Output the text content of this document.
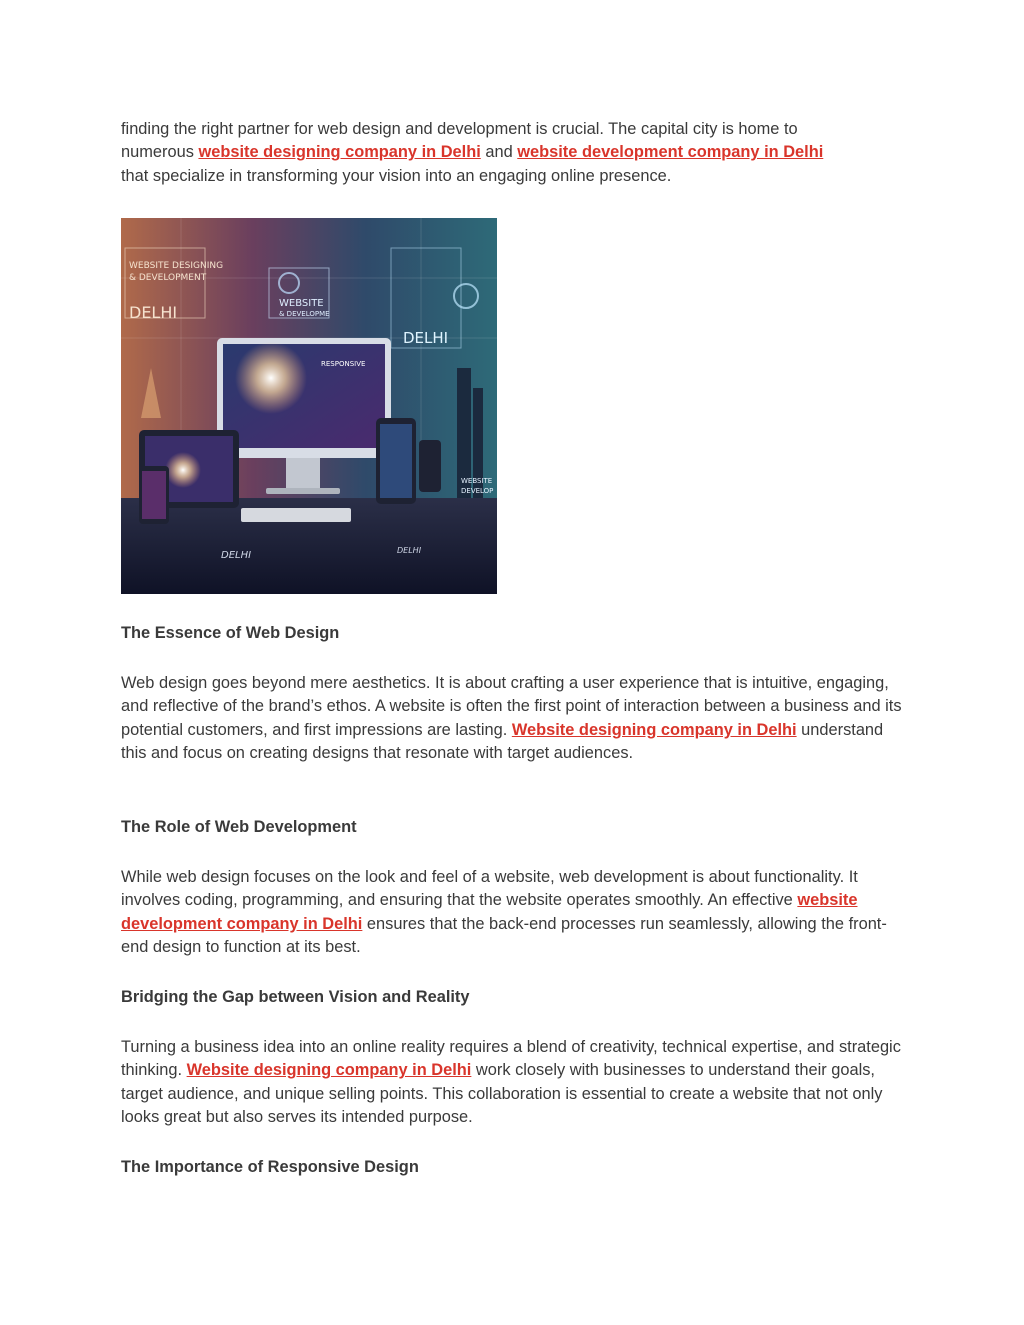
finding the right partner for web design and development is crucial. The capital city is home to
numerous website designing company in Delhi and website development company in Delhi
that specialize in transforming your vision into an engaging online presence.

WEBSITE DESIGNING
& DEVELOPMENT
DELHI	WEBSITE
& DEVELOPME
DELHI
RESPONSIVE
WEBSITE
DEVELOP
DELHI	DELHI
The Essence of Web Design

Web design goes beyond mere aesthetics. It is about crafting a user experience that is intuitive, engaging, and reflective of the brand’s ethos. A website is often the first point of interaction between a business and its potential customers, and first impressions are lasting. Website designing company in Delhi understand this and focus on creating designs that resonate with target audiences.

The Role of Web Development

While web design focuses on the look and feel of a website, web development is about functionality. It involves coding, programming, and ensuring that the website operates smoothly. An effective website development company in Delhi ensures that the back-end processes run seamlessly, allowing the front-end design to function at its best.

Bridging the Gap between Vision and Reality

Turning a business idea into an online reality requires a blend of creativity, technical expertise, and strategic thinking. Website designing company in Delhi work closely with businesses to understand their goals, target audience, and unique selling points. This collaboration is essential to create a website that not only looks great but also serves its intended purpose.

The Importance of Responsive Design
